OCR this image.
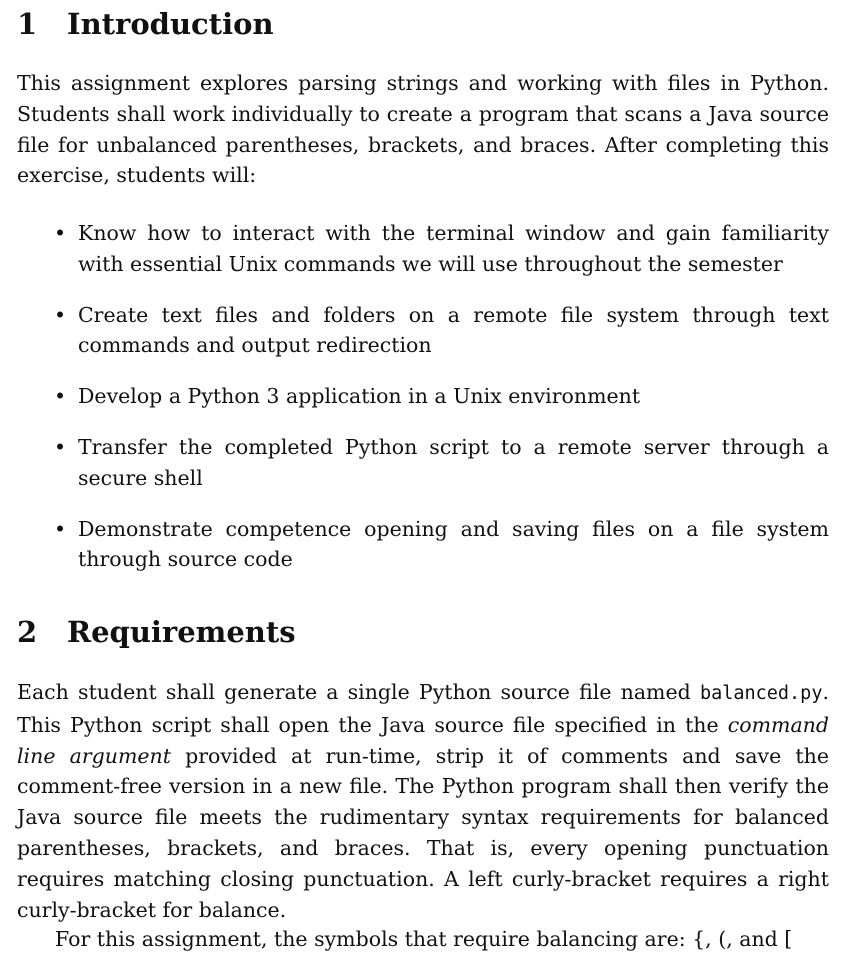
1	Introduction

This assignment explores parsing strings and working with files in Python. Students shall work individually to create a program that scans a Java source file for unbalanced parentheses, brackets, and braces. After completing this exercise, students will:

• Know how to interact with the terminal window and gain familiarity with essential Unix commands we will use throughout the semester
• Create text files and folders on a remote file system through text commands and output redirection
• Develop a Python 3 application in a Unix environment
• Transfer the completed Python script to a remote server through a secure shell
• Demonstrate competence opening and saving files on a file system through source code
2	Requirements

Each student shall generate a single Python source file named balanced.py. This Python script shall open the Java source file specified in the command line argument provided at run-time, strip it of comments and save the comment-free version in a new file. The Python program shall then verify the Java source file meets the rudimentary syntax requirements for balanced parentheses, brackets, and braces. That is, every opening punctuation requires matching closing punctuation. A left curly-bracket requires a right curly-bracket for balance.

For this assignment, the symbols that require balancing are: {, (, and [
